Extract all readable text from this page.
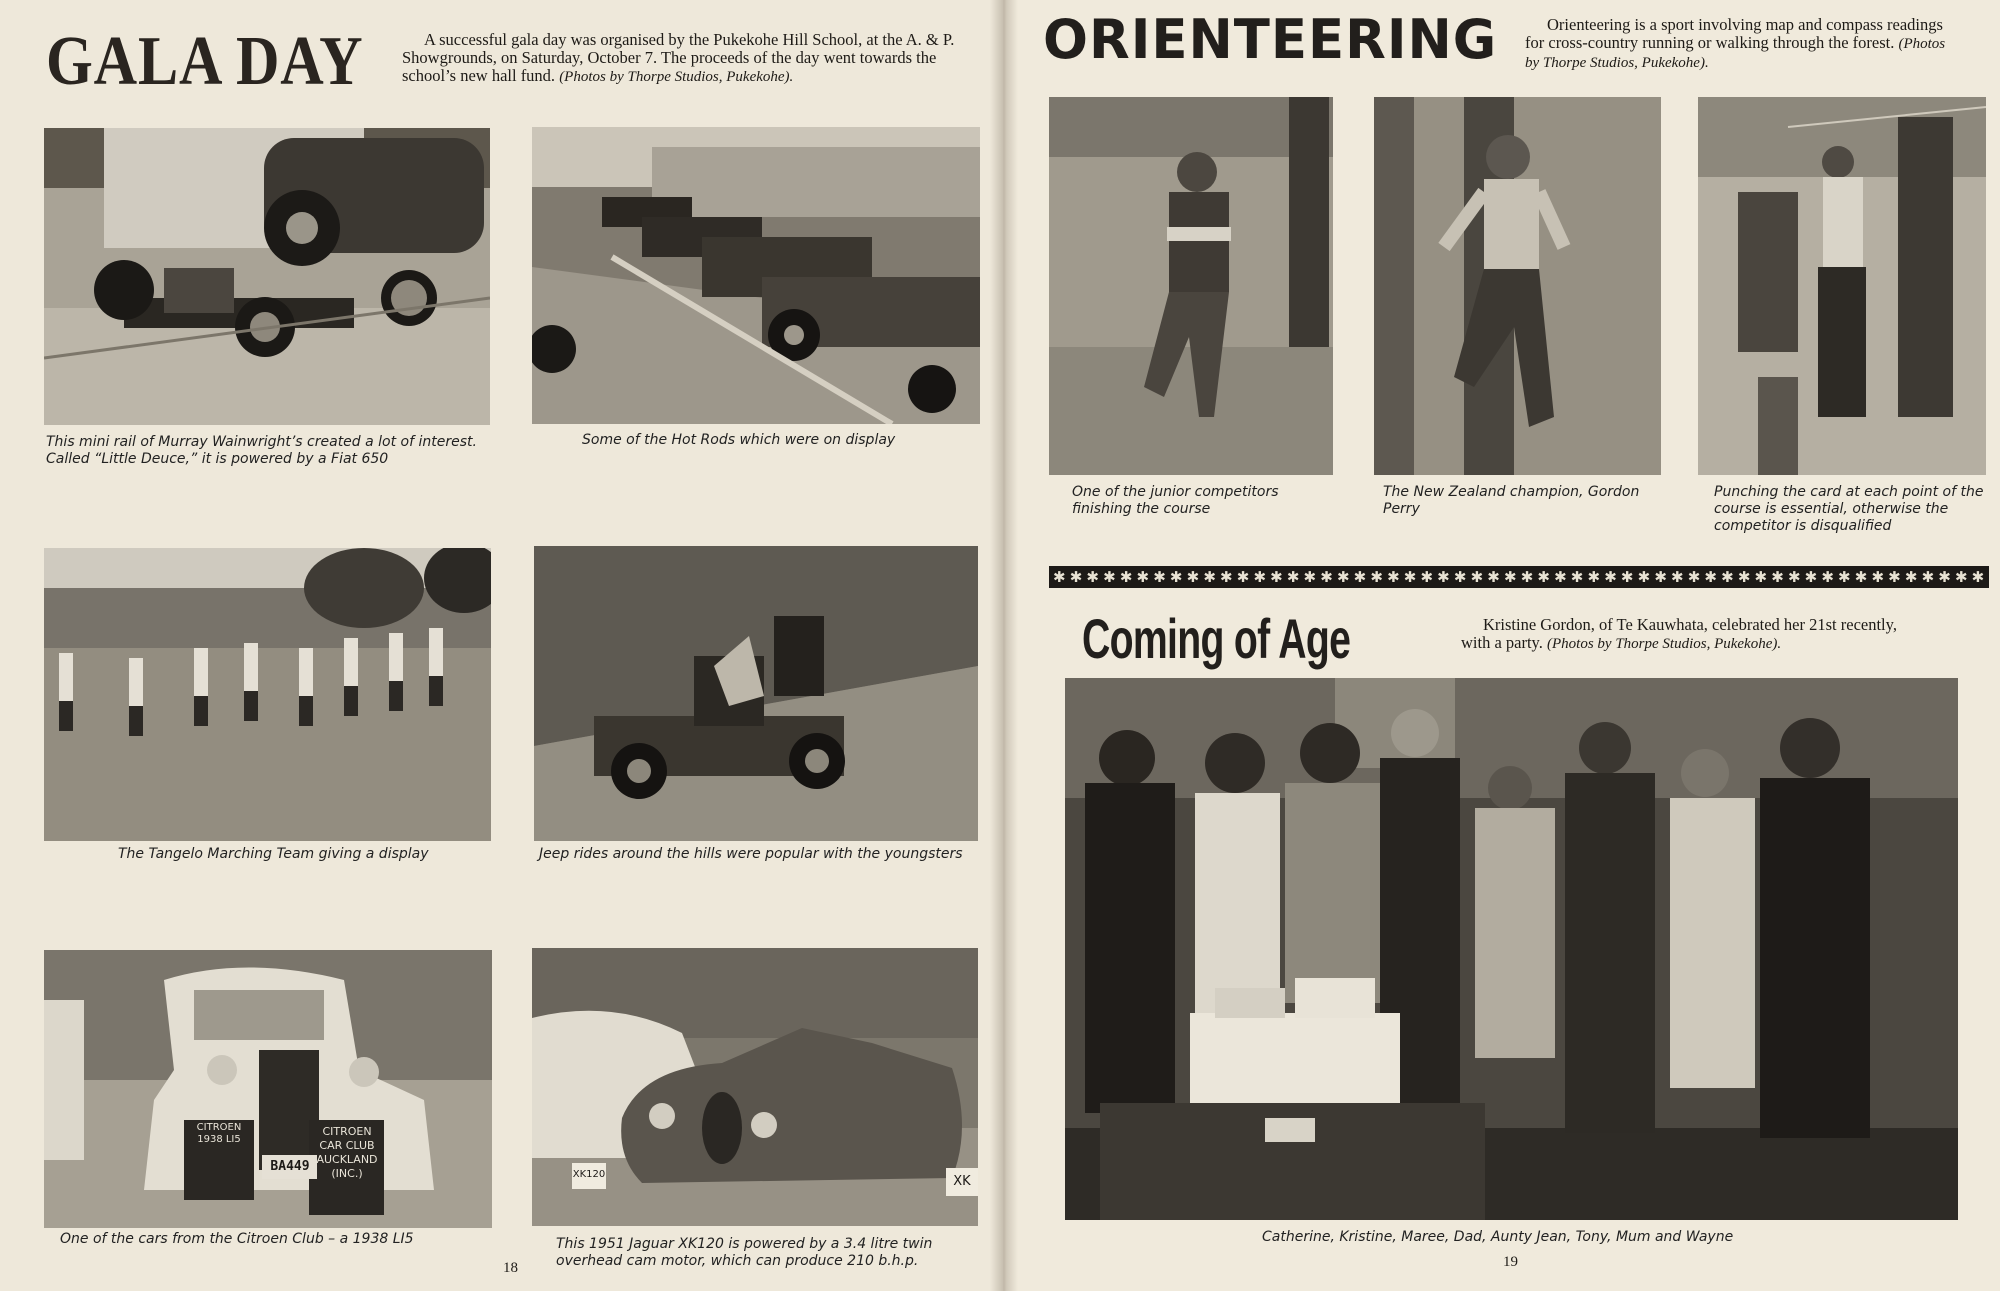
GALA DAY	A successful gala day was organised by the Pukekohe Hill School, at the A. & P. Showgrounds, on Saturday, October 7. The proceeds of the day went towards the school’s new hall fund. (Photos by Thorpe Studios, Pukekohe).
This mini rail of Murray Wainwright’s created a lot of interest. Called “Little Deuce,” it is powered by a Fiat 650
Some of the Hot Rods which were on display
The Tangelo Marching Team giving a display	Jeep rides around the hills were popular with the youngsters
CITROEN 1938 LI5
BA449
CITROEN CAR CLUB AUCKLAND (INC.)
One of the cars from the Citroen Club – a 1938 LI5
XK120	XK
This 1951 Jaguar XK120 is powered by a 3.4 litre twin overhead cam motor, which can produce 210 b.h.p.
18
ORIENTEERING	Orienteering is a sport involving map and compass readings for cross-country running or walking through the forest. (Photos by Thorpe Studios, Pukekohe).
One of the junior competitors finishing the course
The New Zealand champion, Gordon Perry
Punching the card at each point of the course is essential, otherwise the competitor is disqualified
✱ ✱ ✱ ✱ ✱ ✱ ✱ ✱ ✱ ✱ ✱ ✱ ✱ ✱ ✱ ✱ ✱ ✱ ✱ ✱ ✱ ✱ ✱ ✱ ✱ ✱ ✱ ✱ ✱ ✱ ✱ ✱ ✱ ✱ ✱ ✱ ✱ ✱ ✱ ✱ ✱ ✱ ✱ ✱ ✱ ✱ ✱ ✱ ✱ ✱ ✱ ✱ ✱ ✱ ✱ ✱
Coming of Age	Kristine Gordon, of Te Kauwhata, celebrated her 21st recently, with a party. (Photos by Thorpe Studios, Pukekohe).
Catherine, Kristine, Maree, Dad, Aunty Jean, Tony, Mum and Wayne
19
